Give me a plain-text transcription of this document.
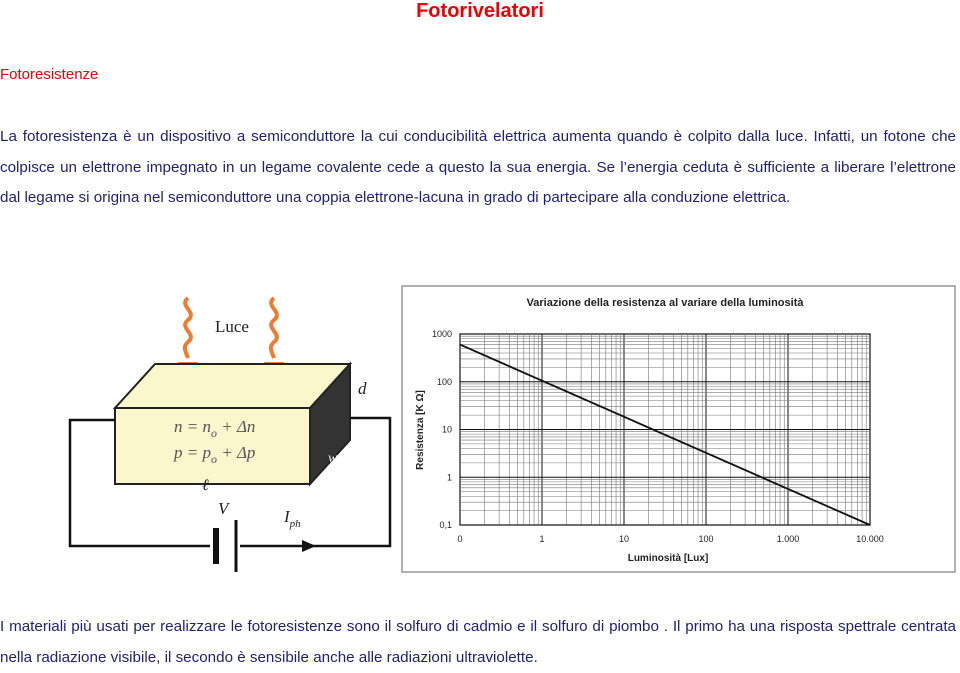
Fotorivelatori
Fotoresistenze
La fotoresistenza è un dispositivo a semiconduttore la cui conducibilità elettrica aumenta quando è colpito dalla luce. Infatti, un fotone che colpisce un elettrone impegnato in un legame covalente cede a questo la sua energia. Se l’energia ceduta è sufficiente a liberare l’elettrone dal legame si origina nel semiconduttore una coppia elettrone-lacuna in grado di partecipare alla conduzione elettrica.
Luce
d
w
$n = n_o + \Delta n$
$p = p_o + \Delta p$
ℓ
V	$I_{ph}$
Variazione della resistenza al variare della luminosità
0	1	10	100	1.000	10.000
1000
100
10
1
0,1
Luminosità [Lux]
Resistenza [K Ω]
I materiali più usati per realizzare le fotoresistenze sono il solfuro di cadmio e il solfuro di piombo . Il primo ha una risposta spettrale centrata nella radiazione visibile, il secondo è sensibile anche alle radiazioni ultraviolette.
